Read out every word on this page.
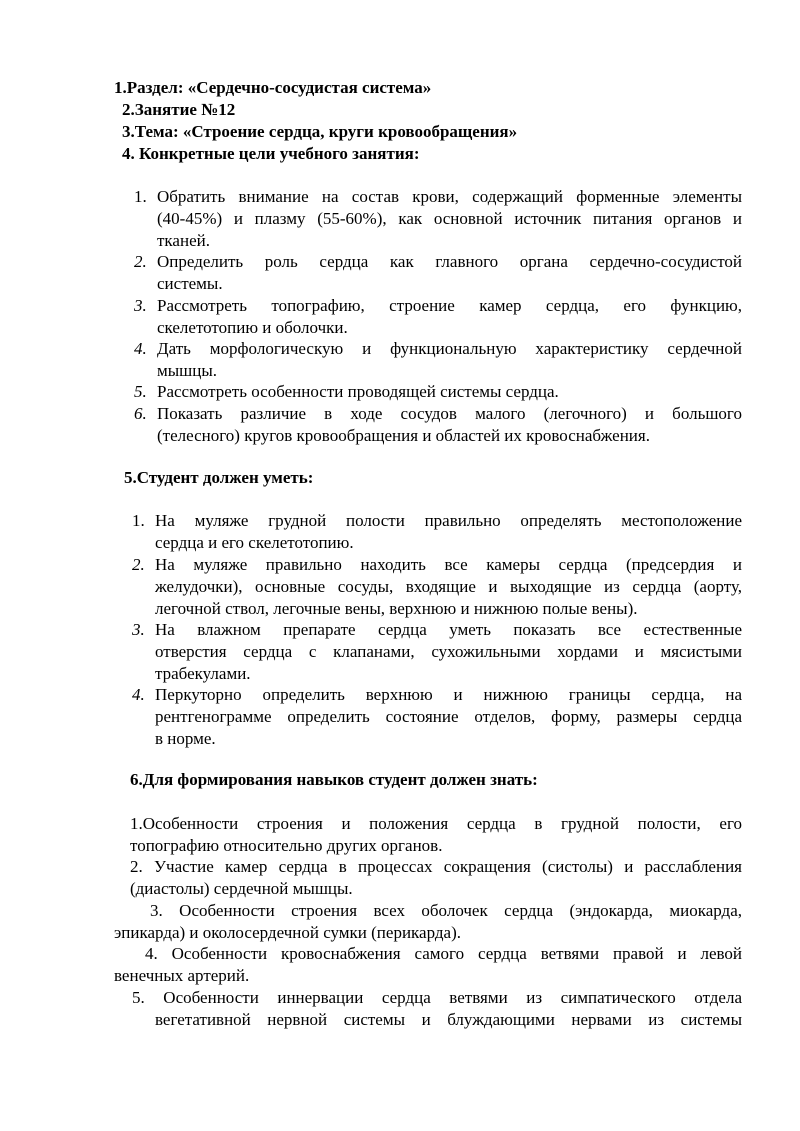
1.Раздел: «Сердечно-сосудистая система»
2.Занятие №12
3.Тема: «Строение сердца, круги кровообращения»
4. Конкретные цели учебного занятия:
1. Обратить внимание на состав крови, содержащий форменные элементы
(40-45%) и плазму (55-60%), как основной источник питания органов и
тканей.
2. Определить роль сердца как главного органа сердечно-сосудистой
системы.
3. Рассмотреть топографию, строение камер сердца, его функцию,
скелетотопию и оболочки.
4. Дать морфологическую и функциональную характеристику сердечной
мышцы.
5. Рассмотреть особенности проводящей системы сердца.
6. Показать различие в ходе сосудов малого (легочного) и большого
(телесного) кругов кровообращения и областей их кровоснабжения.
5.Студент должен уметь:
1. На муляже грудной полости правильно определять местоположение
сердца и его скелетотопию.
2. На муляже правильно находить все камеры сердца (предсердия и
желудочки), основные сосуды, входящие и выходящие из сердца (аорту,
легочной ствол, легочные вены, верхнюю и нижнюю полые вены).
3. На влажном препарате сердца уметь показать все естественные
отверстия сердца с клапанами, сухожильными хордами и мясистыми
трабекулами.
4. Перкуторно определить верхнюю и нижнюю границы сердца, на
рентгенограмме определить состояние отделов, форму, размеры сердца
в норме.
6.Для формирования навыков студент должен знать:
1.Особенности строения и положения сердца в грудной полости, его
топографию относительно других органов.
2. Участие камер сердца в процессах сокращения (систолы) и расслабления
(диастолы) сердечной мышцы.
3. Особенности строения всех оболочек сердца (эндокарда, миокарда,
эпикарда) и околосердечной сумки (перикарда).
4. Особенности кровоснабжения самого сердца ветвями правой и левой
венечных артерий.
5. Особенности иннервации сердца ветвями из симпатического отдела
вегетативной нервной системы и блуждающими нервами из системы
